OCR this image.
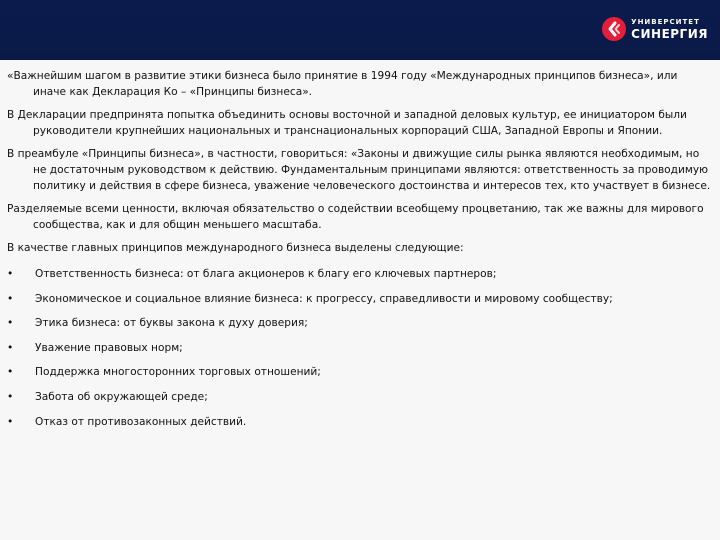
УНИВЕРСИТЕТ
СИНЕРГИЯ

«Важнейшим шагом в развитие этики бизнеса было принятие в 1994 году «Международных принципов бизнеса», или иначе как Декларация Ко – «Принципы бизнеса».

В Декларации предпринята попытка объединить основы восточной и западной деловых культур, ее инициатором были руководители крупнейших национальных и транснациональных корпораций США, Западной Европы и Японии.

В преамбуле «Принципы бизнеса», в частности, говориться: «Законы и движущие силы рынка являются необходимым, но не достаточным руководством к действию. Фундаментальным принципами являются: ответственность за проводимую политику и действия в сфере бизнеса, уважение человеческого достоинства и интересов тех, кто участвует в бизнесе.

Разделяемые всеми ценности, включая обязательство о содействии всеобщему процветанию, так же важны для мирового сообщества, как и для общин меньшего масштаба.

В качестве главных принципов международного бизнеса выделены следующие:

•	Ответственность бизнеса: от блага акционеров к благу его ключевых партнеров;
•	Экономическое и социальное влияние бизнеса: к прогрессу, справедливости и мировому сообществу;
•	Этика бизнеса: от буквы закона к духу доверия;
•	Уважение правовых норм;
•	Поддержка многосторонних торговых отношений;
•	Забота об окружающей среде;
•	Отказ от противозаконных действий.
